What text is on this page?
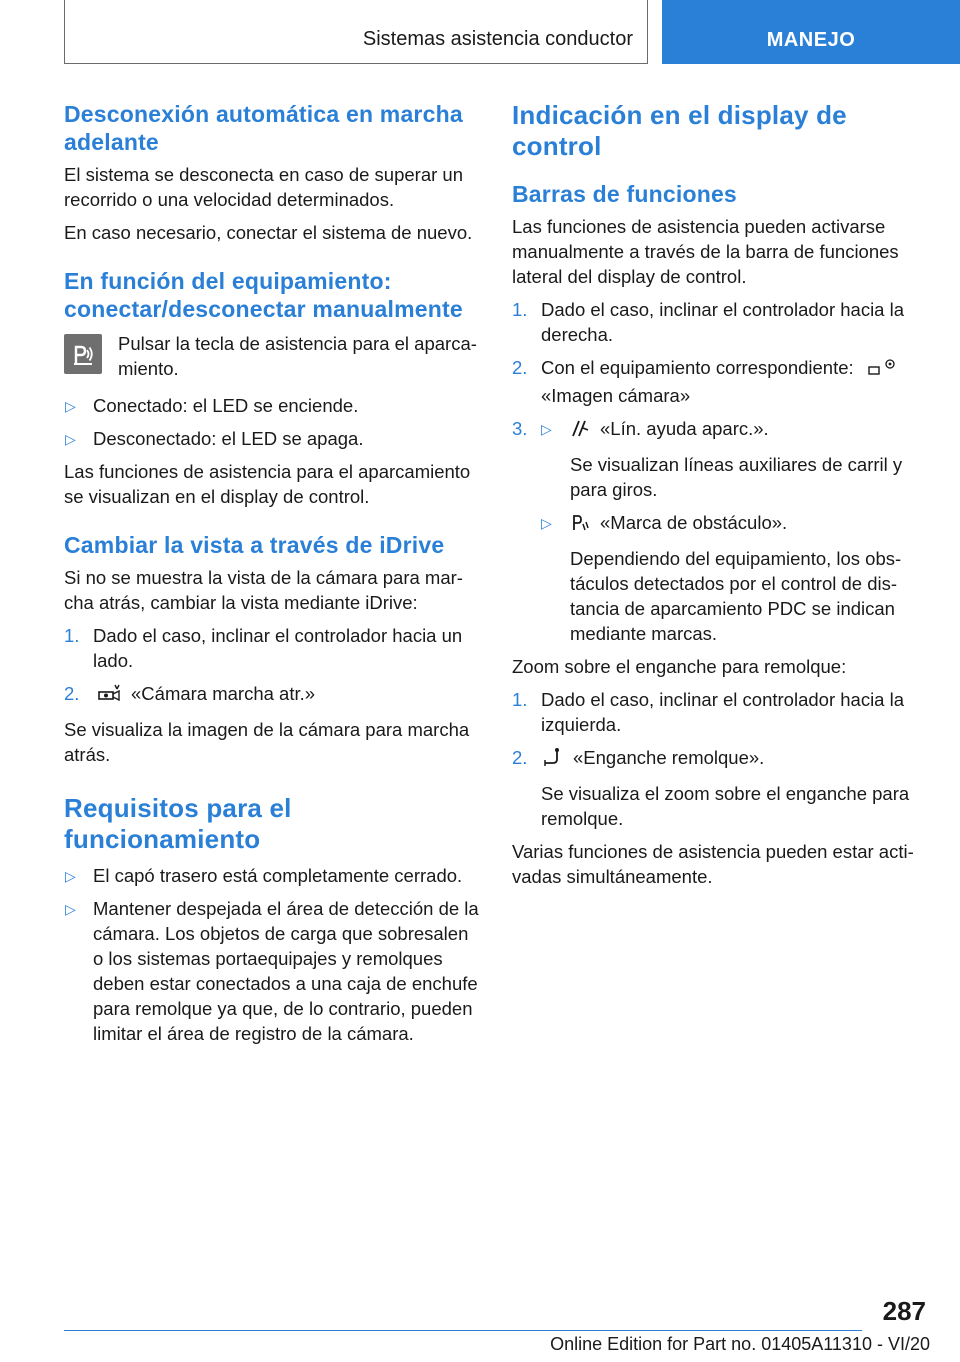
Sistemas asistencia conductor	MANEJO
Desconexión automática en marcha adelante

El sistema se desconecta en caso de superar un recorrido o una velocidad determinados.

En caso necesario, conectar el sistema de nuevo.

En función del equipamiento: conectar/desconectar manualmente

Pulsar la tecla de asistencia para el aparcamiento.

▷ Conectado: el LED se enciende.
▷ Desconectado: el LED se apaga.

Las funciones de asistencia para el aparcamiento se visualizan en el display de control.

Cambiar la vista a través de iDrive

Si no se muestra la vista de la cámara para marcha atrás, cambiar la vista mediante iDrive:

1. Dado el caso, inclinar el controlador hacia un lado.
2.	«Cámara marcha atr.»

Se visualiza la imagen de la cámara para marcha atrás.

Requisitos para el funcionamiento
▷ El capó trasero está completamente cerrado.
▷ Mantener despejada el área de detección de la cámara. Los objetos de carga que sobresalen o los sistemas portaequipajes y remolques deben estar conectados a una caja de enchufe para remolque ya que, de lo contrario, pueden limitar el área de registro de la cámara.
Indicación en el display de control
Barras de funciones

Las funciones de asistencia pueden activarse manualmente a través de la barra de funciones lateral del display de control.

1. Dado el caso, inclinar el controlador hacia la derecha.
2. Con el equipamiento correspondiente:
«Imagen cámara»
3. ▷	«Lín. ayuda aparc.».
Se visualizan líneas auxiliares de carril y para giros.
▷	«Marca de obstáculo».
Dependiendo del equipamiento, los obstáculos detectados por el control de distancia de aparcamiento PDC se indican mediante marcas.

Zoom sobre el enganche para remolque:

1. Dado el caso, inclinar el controlador hacia la izquierda.
2. «Enganche remolque».
Se visualiza el zoom sobre el enganche para remolque.

Varias funciones de asistencia pueden estar activadas simultáneamente.

287
Online Edition for Part no. 01405A11310 - VI/20
